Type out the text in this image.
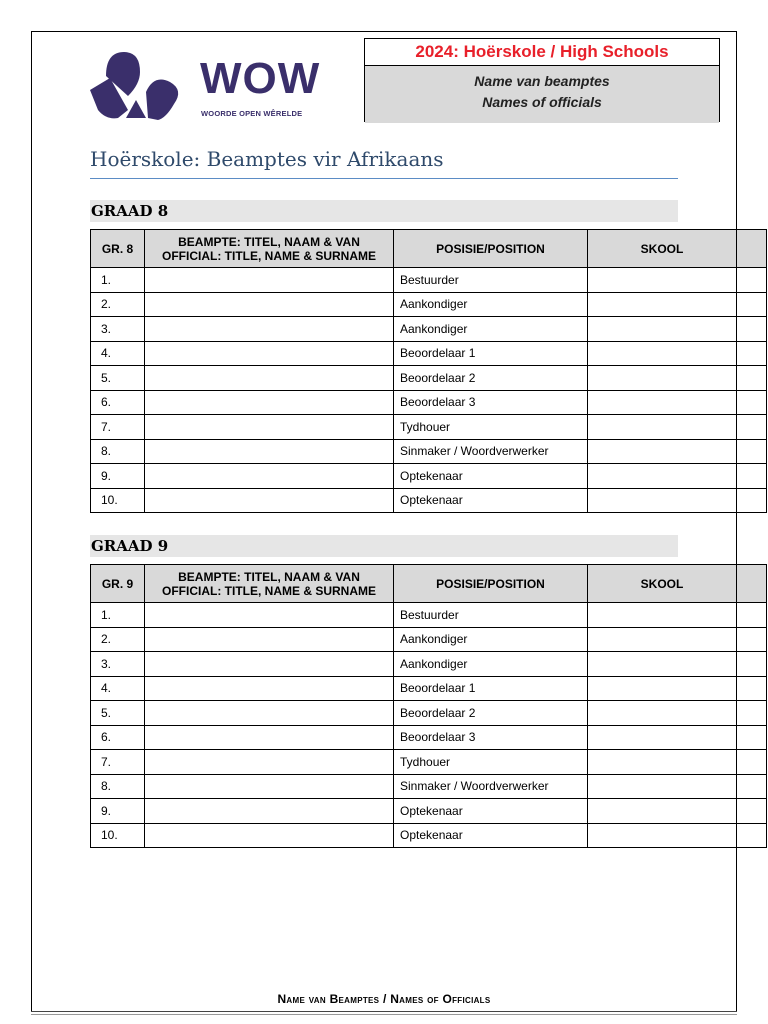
WOW
WOORDE OPEN WÊRELDE
2024: Hoërskole / High Schools
Name van beamptes
Names of officials
Hoërskole: Beamptes vir Afrikaans
GRAAD 8
GR. 8	BEAMPTE: TITEL, NAAM & VAN
OFFICIAL: TITLE, NAME & SURNAME	POSISIE/POSITION	SKOOL	
1.		Bestuurder		
2.		Aankondiger		
3.		Aankondiger		
4.		Beoordelaar 1		
5.		Beoordelaar 2		
6.		Beoordelaar 3		
7.		Tydhouer		
8.		Sinmaker / Woordverwerker		
9.		Optekenaar		
10.		Optekenaar		
GRAAD 9
GR. 9	BEAMPTE: TITEL, NAAM & VAN
OFFICIAL: TITLE, NAME & SURNAME	POSISIE/POSITION	SKOOL	
1.		Bestuurder		
2.		Aankondiger		
3.		Aankondiger		
4.		Beoordelaar 1		
5.		Beoordelaar 2		
6.		Beoordelaar 3		
7.		Tydhouer		
8.		Sinmaker / Woordverwerker		
9.		Optekenaar		
10.		Optekenaar		
Name van Beamptes / Names of Officials
